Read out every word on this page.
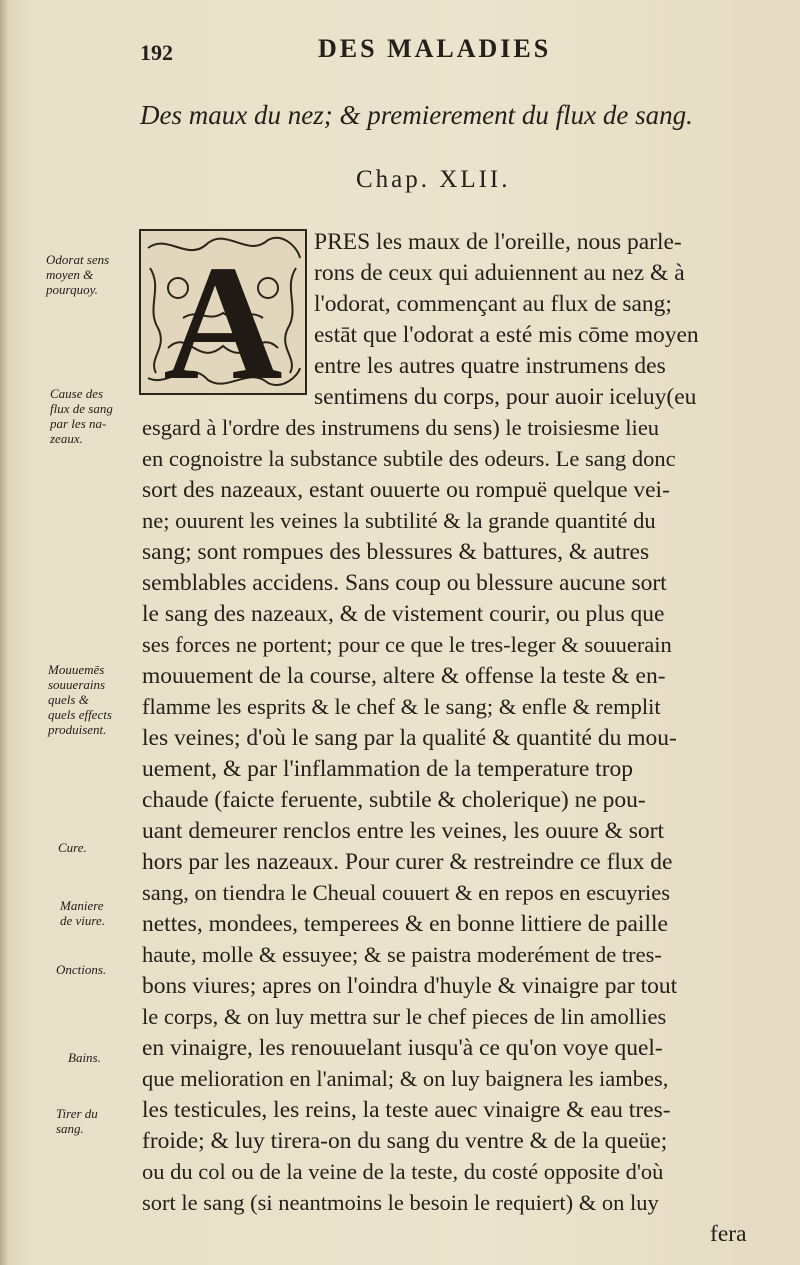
192	DES MALADIES
Des maux du nez; & premierement du flux de sang.
Chap. XLII.
A PRES les maux de l'oreille, nous parle-
rons de ceux qui aduiennent au nez & à
l'odorat, commençant au flux de sang;
estāt que l'odorat a esté mis cōme moyen
entre les autres quatre instrumens des
sentimens du corps, pour auoir iceluy(eu
esgard à l'ordre des instrumens du sens) le troisiesme lieu
en cognoistre la substance subtile des odeurs. Le sang donc
sort des nazeaux, estant ouuerte ou rompuë quelque vei-
ne; ouurent les veines la subtilité & la grande quantité du
sang; sont rompues des blessures & battures, & autres
semblables accidens. Sans coup ou blessure aucune sort
le sang des nazeaux, & de vistement courir, ou plus que
ses forces ne portent; pour ce que le tres-leger & souuerain
mouuement de la course, altere & offense la teste & en-
flamme les esprits & le chef & le sang; & enfle & remplit
les veines; d'où le sang par la qualité & quantité du mou-
uement, & par l'inflammation de la temperature trop
chaude (faicte feruente, subtile & cholerique) ne pou-
uant demeurer renclos entre les veines, les ouure & sort
hors par les nazeaux. Pour curer & restreindre ce flux de
sang, on tiendra le Cheual couuert & en repos en escuyries
nettes, mondees, temperees & en bonne littiere de paille
haute, molle & essuyee; & se paistra moderément de tres-
bons viures; apres on l'oindra d'huyle & vinaigre par tout
le corps, & on luy mettra sur le chef pieces de lin amollies
en vinaigre, les renouuelant iusqu'à ce qu'on voye quel-
que melioration en l'animal; & on luy baignera les iambes,
les testicules, les reins, la teste auec vinaigre & eau tres-
froide; & luy tirera-on du sang du ventre & de la queüe;
ou du col ou de la veine de la teste, du costé opposite d'où
sort le sang (si neantmoins le besoin le requiert) & on luy
fera
Odorat sens
moyen &
pourquoy.
Cause des
flux de sang
par les na-
zeaux.
Mouuemēs
souuerains
quels &
quels effects
produisent.
Cure.
Maniere
de viure.
Onctions.
Bains.
Tirer du
sang.
